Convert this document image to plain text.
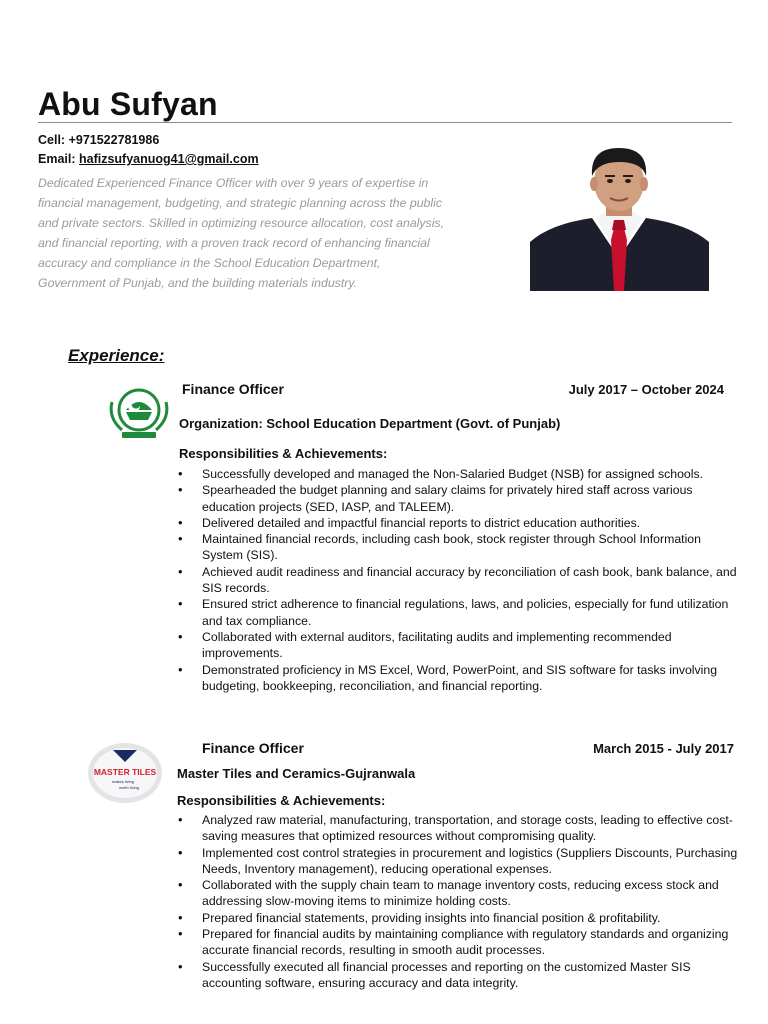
Abu Sufyan
Cell: +971522781986
Email: hafizsufyanuog41@gmail.com

Dedicated Experienced Finance Officer with over 9 years of expertise in financial management, budgeting, and strategic planning across the public and private sectors. Skilled in optimizing resource allocation, cost analysis, and financial reporting, with a proven track record of enhancing financial accuracy and compliance in the School Education Department, Government of Punjab, and the building materials industry.

Experience:
Finance Officer	July 2017 – October 2024
Organization: School Education Department (Govt. of Punjab)
Responsibilities & Achievements:
• Successfully developed and managed the Non-Salaried Budget (NSB) for assigned schools.
• Spearheaded the budget planning and salary claims for privately hired staff across various education projects (SED, IASP, and TALEEM).
• Delivered detailed and impactful financial reports to district education authorities.
• Maintained financial records, including cash book, stock register through School Information System (SIS).
• Achieved audit readiness and financial accuracy by reconciliation of cash book, bank balance, and SIS records.
• Ensured strict adherence to financial regulations, laws, and policies, especially for fund utilization and tax compliance.
• Collaborated with external auditors, facilitating audits and implementing recommended improvements.
• Demonstrated proficiency in MS Excel, Word, PowerPoint, and SIS software for tasks involving budgeting, bookkeeping, reconciliation, and financial reporting.
MASTER TILES
makes living
worth living
Finance Officer	March 2015 - July 2017
Master Tiles and Ceramics-Gujranwala
Responsibilities & Achievements:
• Analyzed raw material, manufacturing, transportation, and storage costs, leading to effective cost-saving measures that optimized resources without compromising quality.
• Implemented cost control strategies in procurement and logistics (Suppliers Discounts, Purchasing Needs, Inventory management), reducing operational expenses.
• Collaborated with the supply chain team to manage inventory costs, reducing excess stock and addressing slow-moving items to minimize holding costs.
• Prepared financial statements, providing insights into financial position & profitability.
• Prepared for financial audits by maintaining compliance with regulatory standards and organizing accurate financial records, resulting in smooth audit processes.
• Successfully executed all financial processes and reporting on the customized Master SIS accounting software, ensuring accuracy and data integrity.
